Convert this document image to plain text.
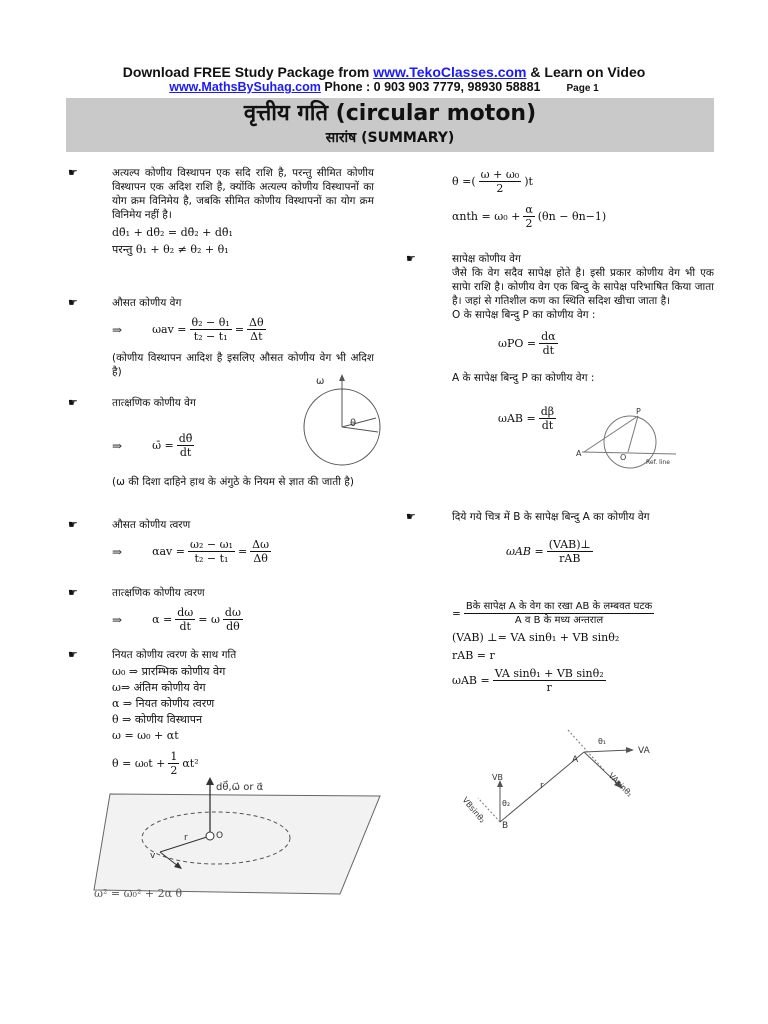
Download FREE Study Package from www.TekoClasses.com & Learn on Video
www.MathsBySuhag.com Phone : 0 903 903 7779, 98930 58881	Page 1
वृत्तीय गति (circular moton)
सारांष (SUMMARY)
☛	अत्यल्प कोणीय विस्थापन एक सदि राशि है, परन्तु सीमित कोणीय विस्थापन एक अदिश राशि है, क्योंकि अत्यल्प कोणीय विस्थापनों का योग क्रम विनिमेय है, जबकि सीमित कोणीय विस्थापनों का योग क्रम विनिमेय नहीं है।
dθ̄₁ + dθ̄₂ = dθ̄₂ + dθ̄₁
परन्तु θ₁ + θ₂ ≠ θ₂ + θ₁
☛	औसत कोणीय वेग
⇒	$\omega av = \frac{\text{θ₂ − θ₁}}{\text{t₂ − t₁}} = \frac{\Delta\theta}{\Delta t}$
(कोणीय विस्थापन आदिश है इसलिए औसत कोणीय वेग भी अदिश है)
☛	तात्क्षणिक कोणीय वेग
⇒	ω̄ = $\frac{d\thetā}{dt}$
(ω की दिशा दाहिने हाथ के अंगुठे के नियम से ज्ञात की जाती है)
ω
θ
☛	औसत कोणीय त्वरण
⇒	$\alpha av = \frac{\text{ω₂ − ω₁}}{\text{t₂ − t₁}} = \frac{\Delta\omega}{\Delta\theta}$
☛	तात्क्षणिक कोणीय त्वरण
⇒	$\alpha = \frac{d\omega}{dt} = \omega \frac{d\omega}{d\theta}$
☛	नियत कोणीय त्वरण के साथ गति
ω₀ ⇒ प्रारम्भिक कोणीय वेग
ω⇒ अंतिम कोणीय वेग
α ⇒ नियत कोणीय त्वरण
θ ⇒ कोणीय विस्थापन
ω = ω₀ + αt
$\theta = \omega_0t + \frac{1}{2} \alpha t^2$
dθ⃗,ω⃗ or α⃗
r	O
v
ω² = ω₀² + 2α θ
θ = ( $\frac{\text{ω + ω₀}}{2}$ ) t
$\alpha nth = \omega_0 + \frac{\alpha}{2} (\theta n - \theta n-1)$
☛	सापेक्ष कोणीय वेग
जैसे कि वेग सदैव सापेक्ष होते है। इसी प्रकार कोणीय वेग भी एक सापेा राशि है। कोणीय वेग एक बिन्दु के सापेक्ष परिभाषित किया जाता है। जहां से गतिशील कण का स्थिति सदिश खीचा जाता है।
O के सापेक्ष बिन्दु P का कोणीय वेग :
$\omega PO = \frac{d\alpha}{dt}$
A के सापेक्ष बिन्दु P का कोणीय वेग :
$\omega AB = \frac{d\beta}{dt}$	P
A	O
Ref. line
☛	दिये गये चित्र में B के सापेक्ष बिन्दु A का कोणीय वेग
$\omega AB = \frac{\text{(VAB)⊥}}{\text{rAB}}$
= $\frac{\text{Bके सापेक्ष A के वेग का रखा AB के लम्बवत घटक}}{\text{A व B के मध्य अन्तराल}}$
(VAB) ⊥= VA sinθ₁ + VB sinθ₂
rAB = r
$\omega AB = \frac{\text{VA sinθ₁ + VB sinθ₂}}{r}$
VA
VB
A
B
r
θ₁
θ₂
VAsinθ₁
VBsinθ₂
